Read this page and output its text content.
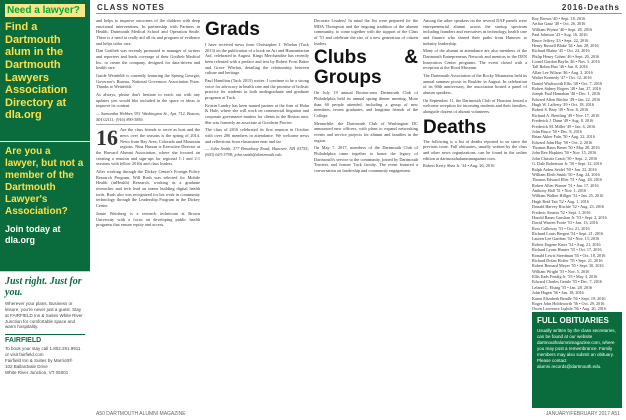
Need a lawyer?
Find a Dartmouth alum in the Dartmouth Lawyers Association Directory at dla.org
Are you a lawyer, but not a member of the Dartmouth Lawyer's Association?
Join today at dla.org
Just right. Just for you.
Wherever your plans. Business or leisure, you're never just a guest. Stay at FAIRFIELD Inn & Suites White River Junction for comfortable space and warm hospitality.
FAIRFIELD
To book your stay call 1.802.291.9911
or visit fairfield.com
Fairfield Inn & Suites by Marriott®
102 Ballardvale Drive
White River Junction, VT 05001
CLASS NOTES	2016-Deaths

and helps to improve outcomes of the children with deep emotional interventions. In partnership with Partners in Health, Dartmouth Medical School and Operation Smile. There is a need to really aid all its and program of evidence and helps tailor care.

Dan Gottlieb was recently promoted to manager of writers and reporters and leads coverage of their Gottlieb Medical Inc. to create the company, designed for data-driven and health care.

Guide Weinfeldt is currently featuring the Sprung Georgia, Governor's Bureau, National Governors Association Prize. Thanks to Weinfeldt.

As always, please don't hesitate to reach out with any updates you would like included in the space or ideas to improve its content.

— Samantha Webber, 951 Washington St., Apt. 712, Boston, MA 02111; (916) 890-3856

16 Are the class friends to serve as host and the news over the seasons is the spring of 2014. News from Bay Area, Colorado and Mountain regions. Nina Hassan is Executive Director at the Harvard Alumni Association, where she focused on creating a reunion and sign-ups for regional 1:1 and 2:1 sessions with fellow 2016s and class leaders.

After working through the Dickey Center's Foreign Policy Research Program, Will Rush was selected for Mobile Health (mHealth) Research, working as a graduate researcher and tech lead on teams building digital health tools. Rush also was recognized for his work in community technology through the Leadership Program in the Dickey Center.

Jamie Weinberg is a research technician at Brown University with a focus on developing public health programs that ensure equity and access.

Grads

I have received news from Christopher J. Whelan (Tuck 2013) on the publication of a book on Art and Humanitarian Aid, celebrated in August. Kings Merchandise has recently been released with a preface and text by Robert Frost Baker and Grace Whelan, detailing the relationship between culture and heritage.

Paul Hamilton (Tuck 2015) writes: I continue to be a strong voice for advocacy in health care and the promise of holistic practice for students in both undergraduate and graduate programs at Tuck.

Kristin Landry has been named partner at the firm of Hahn & Hale, where she will work on commercial litigation and corporate governance matters for clients in the Boston area. She was formerly an associate at Goodwin Procter.

The class of 2016 celebrated its first reunion in October with over 200 members in attendance. We welcome news and reflections from classmates near and far.

— John Smith, 377 Broadway Road, Hanover, NH 03755; (603) 643-3798; john.smith@dartmouth.edu

Decorate Leaders! In mind the list were prepared for the MDA Thompson and the ongoing tradition of the alumni community, to come together with the support of the Class of '51 and celebrate the rise of a new generation of citizen leaders.

Clubs & Groups

On July 19 annual Boston-area Dartmouth Club of Philadelphia held its annual spring dinner meeting. More than 60 people attended, including a group of new members, recent graduates, and longtime friends of the College.

Meanwhile, the Dartmouth Club of Washington DC announced new officers, with plans to expand networking events and service projects for alumni and families in the region.

On May 7, 2017, members of the Dartmouth Club of Philadelphia came together to honor the legacy of Dartmouth's service to the community, joined by Dartmouth Trustees and former Tuck faculty. The event featured a conversation on leadership and community engagement.

Among the other speakers on the several DAF panels were entrepreneurial alumni across the startup spectrum including founders and executives in technology, health care and finance who shared their paths from Hanover to industry leadership.

Many of the alumni in attendance are also members of the Dartmouth Entrepreneurs Network and mentors in the DEN Innovation Center programs. The event closed with a reception at the Hood Museum.

The Dartmouth Association of the Rocky Mountains held its annual summer picnic in Boulder in August. In celebration of its 60th anniversary, the association hosted a panel of alumni speakers.

On September 11, the Dartmouth Club of Houston hosted a welcome reception for incoming students and their families, alongside dozens of alumni volunteers.

Deaths

The following is a list of deaths reported to us since the previous issue. Full obituaries, usually written by the class and other news organizations, can be found in the online edition at dartmouthalumnimagazine.com.

Robert Kerry Shea Jr. '34 • Aug. 26, 2016

Roy Brown '40 • Sept. 18, 2016
Arthur Ganz '40 • Oct. 26, 2016
William Wynne '40 • Sept. 28, 2016
Paul Johnson '43 • Aug. 16, 2016
Bruce Jeffrey '43 • Sept. 22, 2016
Henry Russell Blake '44 • Jan. 28, 2016
Richard Blaine '45 • Oct. 24, 2016
Philip Henry Cohen '46 • Sept. 20, 2016
Lionel Gordon Baylis '46 • Nov. 5, 2016
Tall Rohm Huo '46 • Jan. 8, 2016
Allan Lee Wilson '46 • Aug. 3, 2016
Walter Kennedy '47 • Oct. 12, 2016
Daniel Wadsworth Ellis '48 • Oct. 7, 2016
Robert Sidney Rogers '48 • Jan. 27, 2016
Joseph Paul Hanrahan '48 • Dec. 1, 2016
Edward Allen Ritchie '49 • Jan. 22, 2016
Hugh W. Lafferty '49 • Oct. 18, 2016
Robert S. Bray '49 • Nov. 8, 2016
Richard A. Breitling '49 • Nov. 17, 2016
Frederick J. Dunn '49 • Aug. 8, 2016
Frederick M. Miller '49 • Jan. 6, 2016
John Bruce '50 • Dec. 8, 2016
Brian Akker Fahs '50 • Aug. 22, 2016
Edward John Hay '50 • Oct. 2, 2016
Thomas Bates Benet '50 • May 28, 2016
John Rex Hopkins '50 • Nov. 15, 2016
John Christie Leach '50 • Sept. 2, 2016
G. Dale Robertson Jr. '50 • Sept. 12, 2016
Ralph Arden Seidel '50 • Jan. 22, 2016
William Eleth Smith '50 • Aug. 24, 2016
Thomas Edward Eller '51 • Aug. 28, 2016
Robert Allen Warner '51 • Jan. 17, 2016
Anthony Hall '51 • Nov. 1, 2016
William Walker Hillger '52 • Jan. 25, 2016
Hugh Reid Tait '52 • Aug. 1, 2016
Donald Harvey Ritchie '52 • Aug. 23, 2016
Frederic Sinatra '52 • Sept. 1, 2016
Harold Baum Gasslian Jr. '53 • Sept. 2, 2016
David Warren Foote '53 • Jan. 13, 2016
Ross Calloway '53 • Oct. 21, 2016
Richard Louis Bergert '54 • Sept. 21, 2016
Lauren Lee Gardner '54 • Nov. 13, 2016
Robert Eugene Knox '54 • Aug. 21, 2016
Richard Lyons Hunter '55 • Oct. 17, 2016
Ronald Lewis Steedman '55 • Oct. 18, 2016
Richard Dolan Hoffer '55 • Sept. 21, 2016
Robert Bernard Meyer '55 • Sept. 30, 2016
William Wright '55 • Nov. 5, 2016
Ellis Eads Fendig Jr. '55 • May 4, 2016
Edward Charles Gentle '55 • Dec. 7, 2016
Leland C. Elsing '55 • Jan. 28, 2016
John Hagen '56 • Jan. 18, 2016
Karen Elizabeth Beadle '56 • Sept. 19, 2016
Roger John Holdsworth '56 • Oct. 29, 2016
Owen Lawrence Lightle '56 • Aug. 20, 2016
FULL OBITUARIES
Usually written by the class secretaries, can be found at our website dartmouthalumnimagazine.com, where you may post a remembrance. Family members may also submit an obituary. Please contact alumni.records@dartmouth.edu.
A50 DARTMOUTH ALUMNI MAGAZINE	JANUARY/FEBRUARY 2017 A51
